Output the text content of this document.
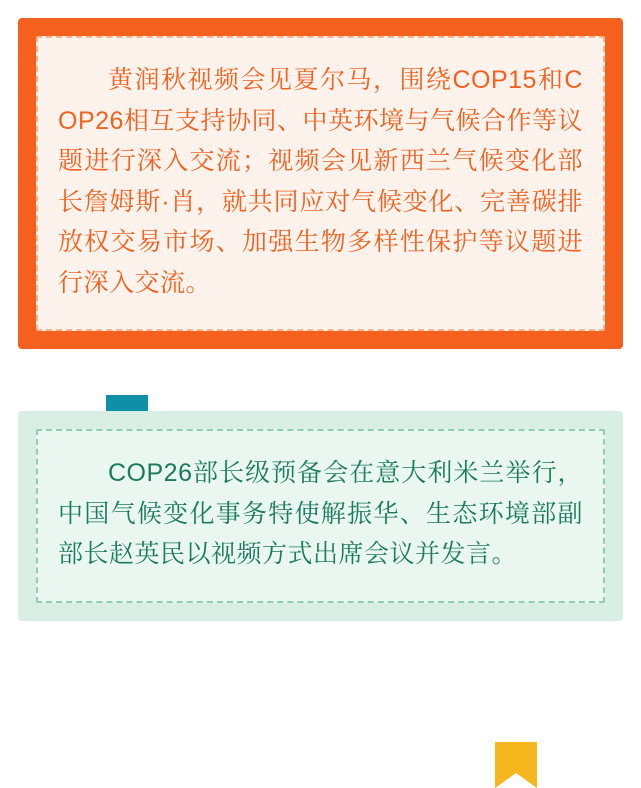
黄润秋视频会见夏尔马，围绕COP15和COP26相互支持协同、中英环境与气候合作等议题进行深入交流；视频会见新西兰气候变化部长詹姆斯·肖，就共同应对气候变化、完善碳排放权交易市场、加强生物多样性保护等议题进行深入交流。

COP26部长级预备会在意大利米兰举行，中国气候变化事务特使解振华、生态环境部副部长赵英民以视频方式出席会议并发言。
